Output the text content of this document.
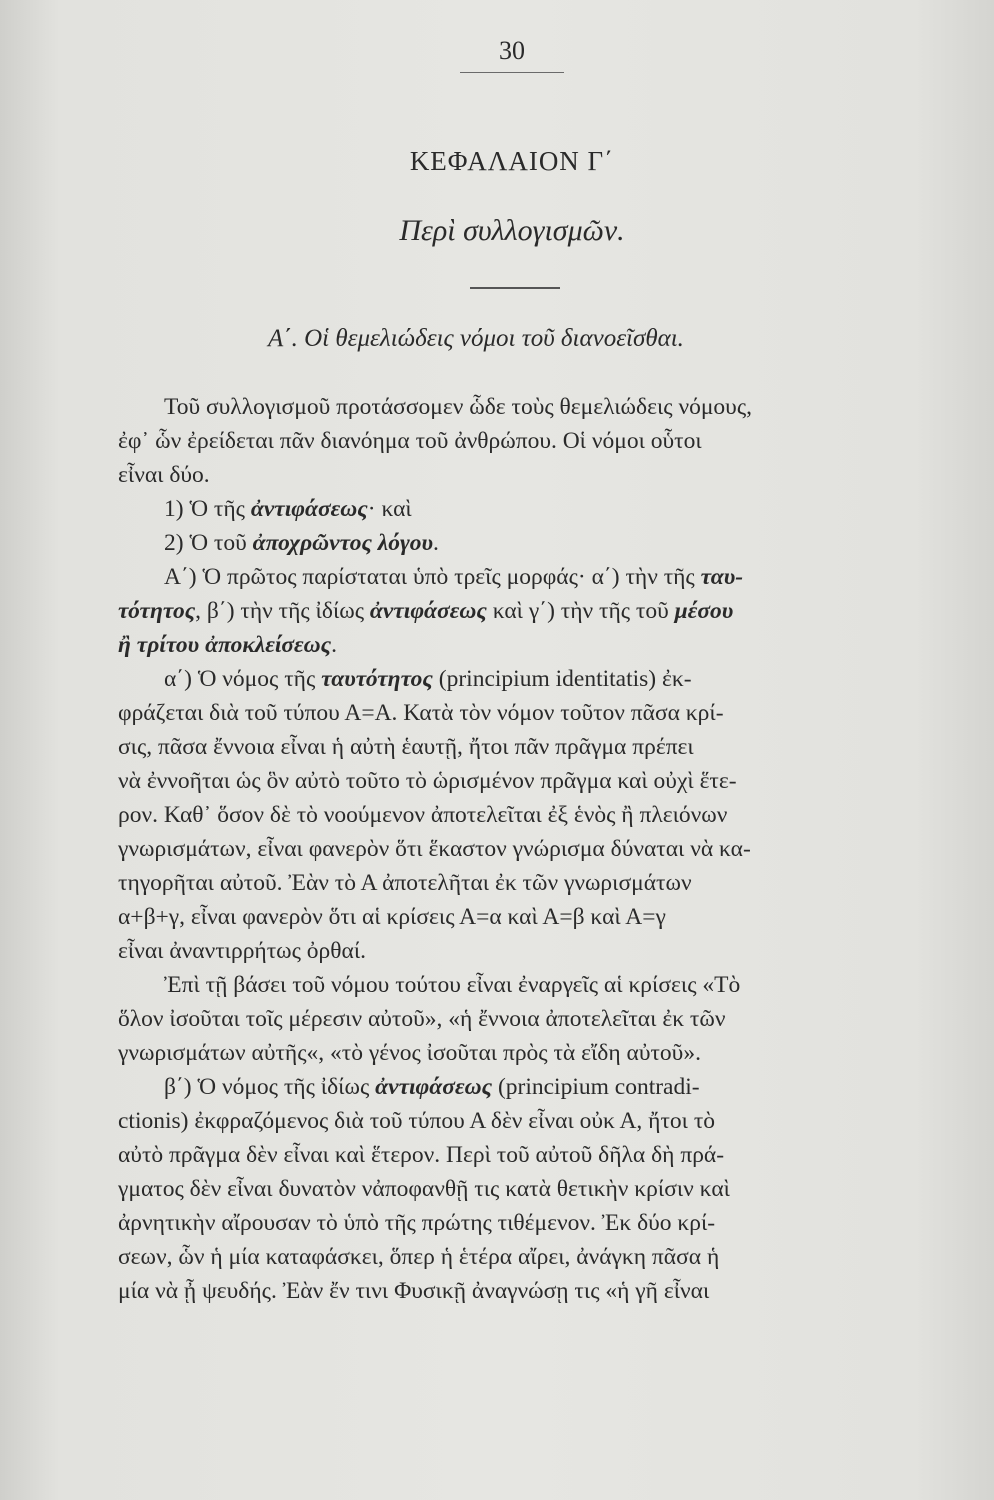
30
ΚΕΦΑΛΑΙΟΝ Γ΄
Περὶ συλλογισμῶν.
Α΄. Οἱ θεμελιώδεις νόμοι τοῦ διανοεῖσθαι.
Τοῦ συλλογισμοῦ προτάσσομεν ὧδε τοὺς θεμελιώδεις νόμους,
ἐφ᾽ ὧν ἐρείδεται πᾶν διανόημα τοῦ ἀνθρώπου. Οἱ νόμοι οὗτοι
εἶναι δύο.
1) Ὁ τῆς ἀντιφάσεως· καὶ
2) Ὁ τοῦ ἀποχρῶντος λόγου.
Α΄) Ὁ πρῶτος παρίσταται ὑπὸ τρεῖς μορφάς· α΄) τὴν τῆς ταυ-
τότητος, β΄) τὴν τῆς ἰδίως ἀντιφάσεως καὶ γ΄) τὴν τῆς τοῦ μέσου
ἢ τρίτου ἀποκλείσεως.
α΄) Ὁ νόμος τῆς ταυτότητος (principium identitatis) ἐκ-
φράζεται διὰ τοῦ τύπου Α=Α. Κατὰ τὸν νόμον τοῦτον πᾶσα κρί-
σις, πᾶσα ἔννοια εἶναι ἡ αὐτὴ ἑαυτῇ, ἤτοι πᾶν πρᾶγμα πρέπει
νὰ ἐννοῆται ὡς ὃν αὐτὸ τοῦτο τὸ ὡρισμένον πρᾶγμα καὶ οὐχὶ ἕτε-
ρον. Καθ᾽ ὅσον δὲ τὸ νοούμενον ἀποτελεῖται ἐξ ἑνὸς ἢ πλειόνων
γνωρισμάτων, εἶναι φανερὸν ὅτι ἕκαστον γνώρισμα δύναται νὰ κα-
τηγορῆται αὐτοῦ. Ἐὰν τὸ Α ἀποτελῆται ἐκ τῶν γνωρισμάτων
α+β+γ, εἶναι φανερὸν ὅτι αἱ κρίσεις Α=α καὶ Α=β καὶ Α=γ
εἶναι ἀναντιρρήτως ὀρθαί.
Ἐπὶ τῇ βάσει τοῦ νόμου τούτου εἶναι ἐναργεῖς αἱ κρίσεις «Τὸ
ὅλον ἰσοῦται τοῖς μέρεσιν αὐτοῦ», «ἡ ἔννοια ἀποτελεῖται ἐκ τῶν
γνωρισμάτων αὐτῆς«, «τὸ γένος ἰσοῦται πρὸς τὰ εἴδη αὐτοῦ».
β΄) Ὁ νόμος τῆς ἰδίως ἀντιφάσεως (principium contradi-
ctionis) ἐκφραζόμενος διὰ τοῦ τύπου Α δὲν εἶναι οὐκ Α, ἤτοι τὸ
αὐτὸ πρᾶγμα δὲν εἶναι καὶ ἕτερον. Περὶ τοῦ αὐτοῦ δῆλα δὴ πρά-
γματος δὲν εἶναι δυνατὸν νἀποφανθῇ τις κατὰ θετικὴν κρίσιν καὶ
ἀρνητικὴν αἴρουσαν τὸ ὑπὸ τῆς πρώτης τιθέμενον. Ἐκ δύο κρί-
σεων, ὧν ἡ μία καταφάσκει, ὅπερ ἡ ἑτέρα αἴρει, ἀνάγκη πᾶσα ἡ
μία νὰ ᾖ ψευδής. Ἐὰν ἔν τινι Φυσικῇ ἀναγνώσῃ τις «ἡ γῆ εἶναι
